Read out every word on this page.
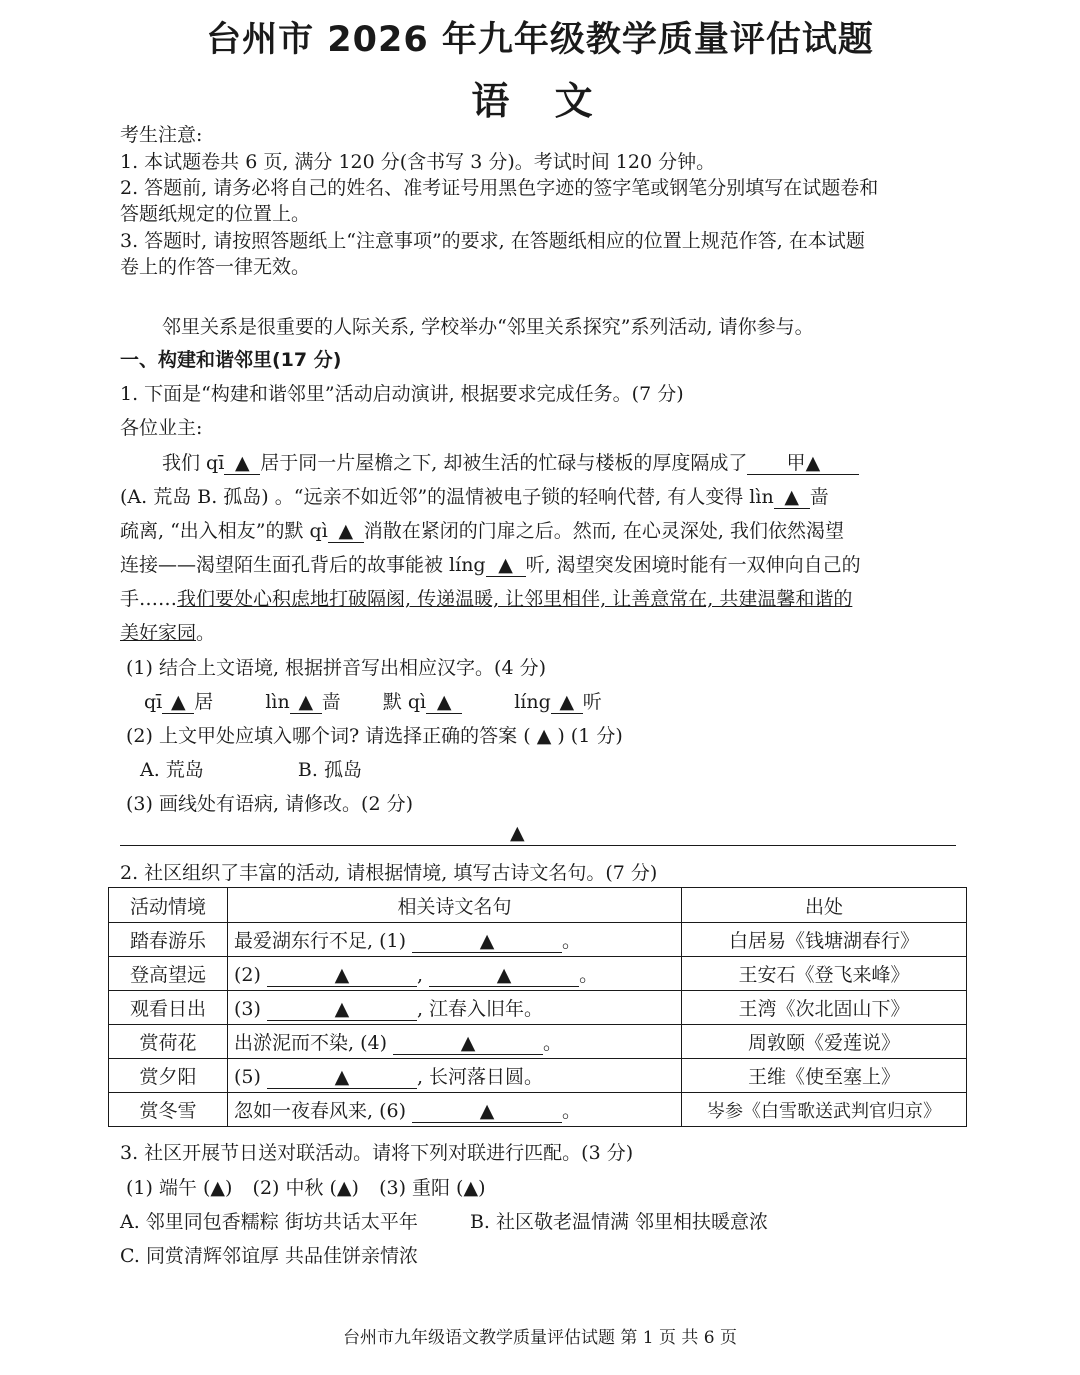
台州市 2026 年九年级教学质量评估试题
语 文
考生注意:
1. 本试题卷共 6 页, 满分 120 分(含书写 3 分)。考试时间 120 分钟。
2. 答题前, 请务必将自己的姓名、准考证号用黑色字迹的签字笔或钢笔分别填写在试题卷和
答题纸规定的位置上。
3. 答题时, 请按照答题纸上“注意事项”的要求, 在答题纸相应的位置上规范作答, 在本试题
卷上的作答一律无效。
邻里关系是很重要的人际关系, 学校举办“邻里关系探究”系列活动, 请你参与。
一、构建和谐邻里(17 分)
1. 下面是“构建和谐邻里”活动启动演讲, 根据要求完成任务。(7 分)
各位业主:
我们 qī ▲ 居于同一片屋檐之下, 却被生活的忙碌与楼板的厚度隔成了 甲▲
(A. 荒岛 B. 孤岛) 。“远亲不如近邻”的温情被电子锁的轻响代替, 有人变得 lìn ▲ 啬
疏离, “出入相友”的默 qì ▲ 消散在紧闭的门扉之后。然而, 在心灵深处, 我们依然渴望
连接——渴望陌生面孔背后的故事能被 líng ▲ 听, 渴望突发困境时能有一双伸向自己的
手……我们要处心积虑地打破隔阂, 传递温暖, 让邻里相伴, 让善意常在, 共建温馨和谐的
美好家园。
(1) 结合上文语境, 根据拼音写出相应汉字。(4 分)
qī ▲ 居	lìn ▲ 啬 默 qì ▲	líng ▲ 听
(2) 上文甲处应填入哪个词? 请选择正确的答案 ( ▲ ) (1 分)
A. 荒岛	B. 孤岛
(3) 画线处有语病, 请修改。(2 分)
▲
2. 社区组织了丰富的活动, 请根据情境, 填写古诗文名句。(7 分)
活动情境	相关诗文名句	出处
踏春游乐	最爱湖东行不足, (1) ▲ 。	白居易《钱塘湖春行》
登高望远	(2) ▲ , ▲ 。	王安石《登飞来峰》
观看日出	(3) ▲ , 江春入旧年。	王湾《次北固山下》
赏荷花	出淤泥而不染, (4) ▲ 。	周敦颐《爱莲说》
赏夕阳	(5) ▲ , 长河落日圆。	王维《使至塞上》
赏冬雪	忽如一夜春风来, (6) ▲ 。	岑参《白雪歌送武判官归京》
3. 社区开展节日送对联活动。请将下列对联进行匹配。(3 分)
(1) 端午 (▲) (2) 中秋 (▲) (3) 重阳 (▲)
A. 邻里同包香糯粽 街坊共话太平年	B. 社区敬老温情满 邻里相扶暖意浓
C. 同赏清辉邻谊厚 共品佳饼亲情浓
台州市九年级语文教学质量评估试题 第 1 页 共 6 页
